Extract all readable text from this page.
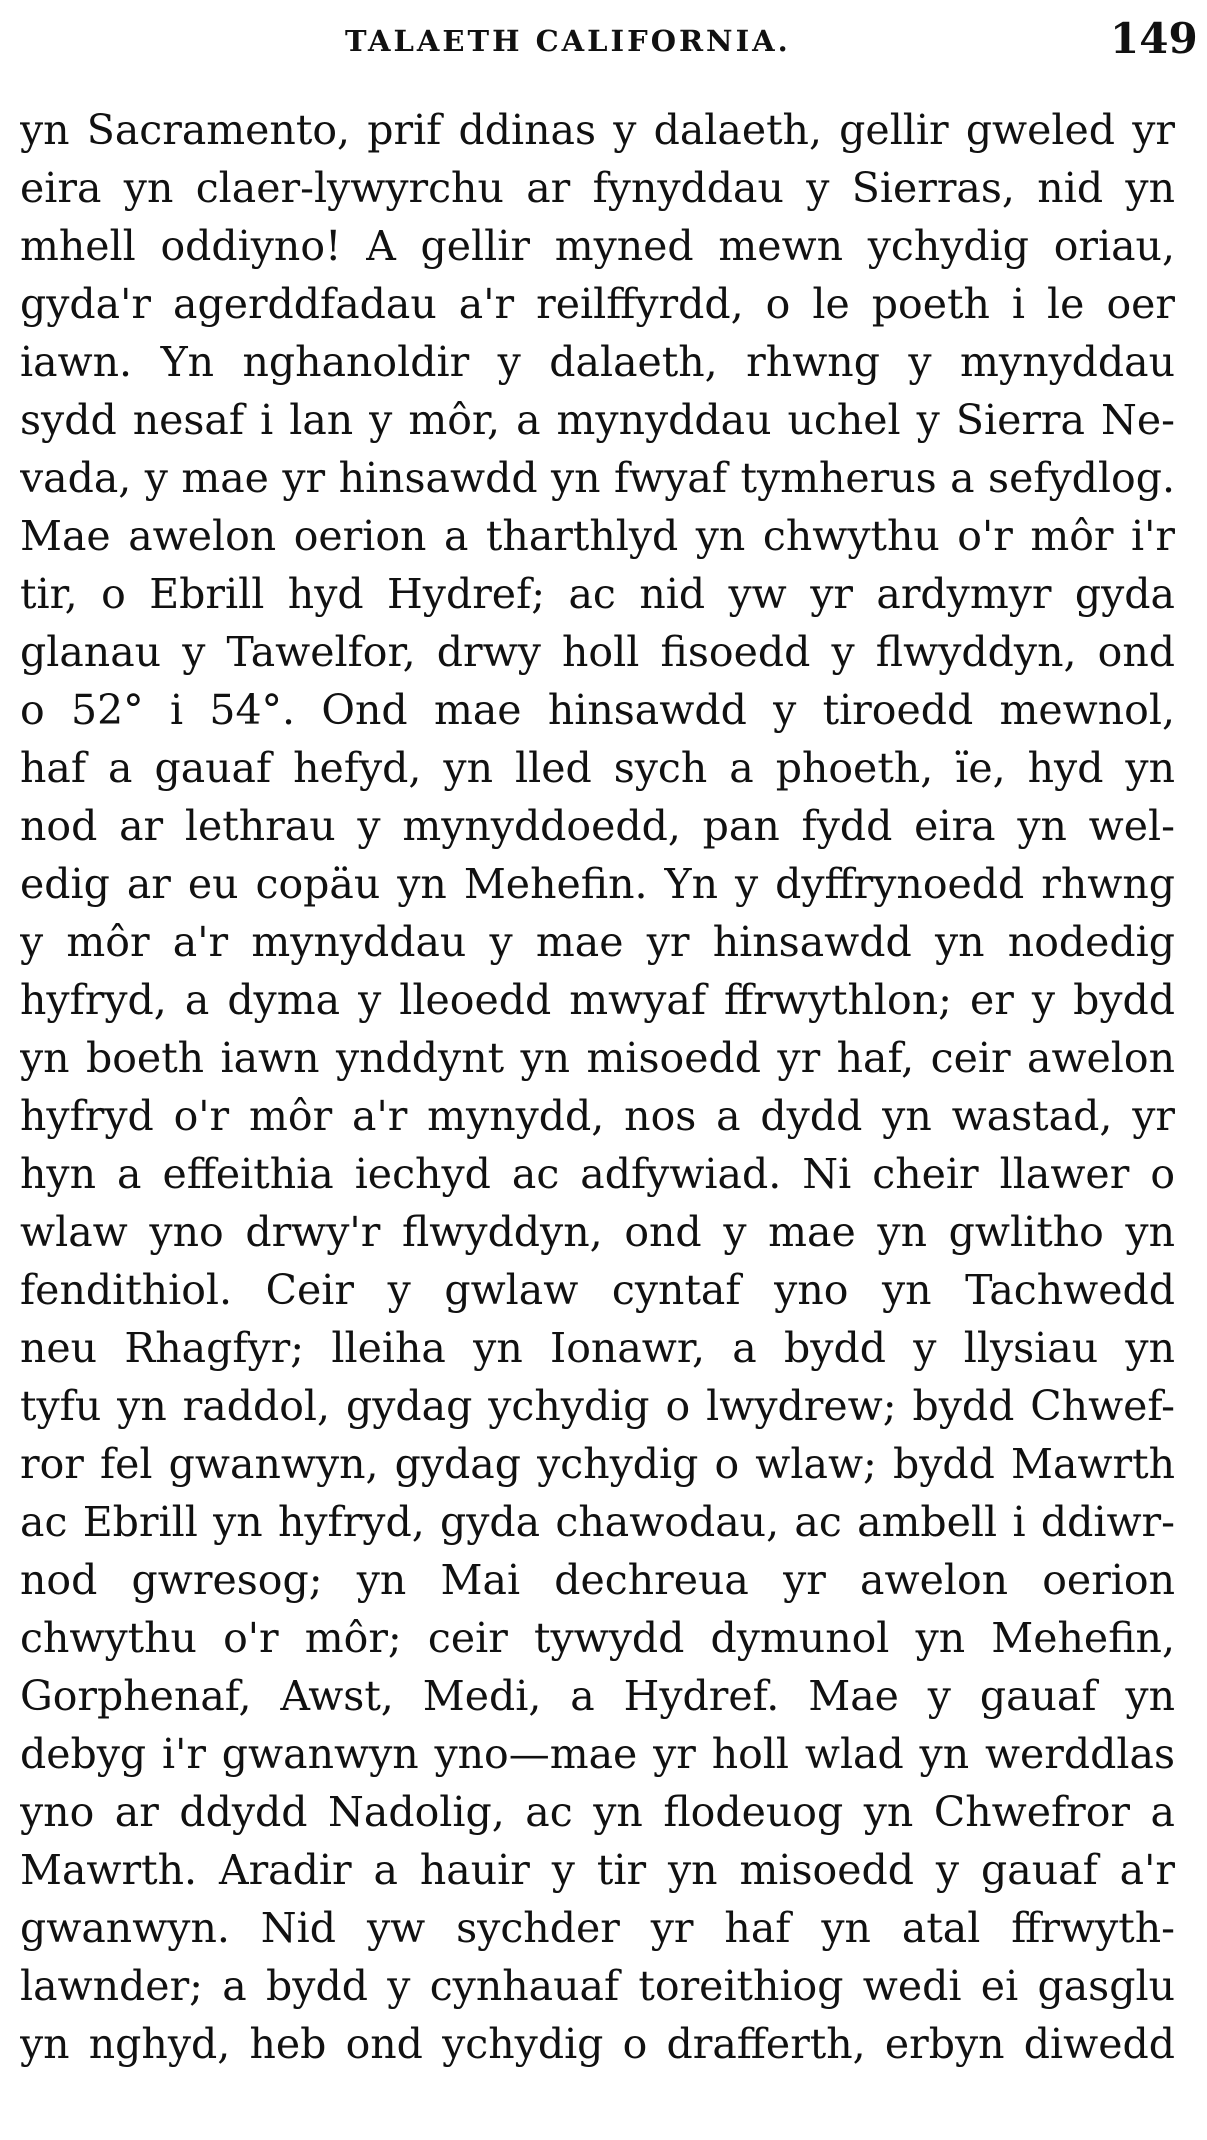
TALAETH CALIFORNIA.	149
yn Sacramento, prif ddinas y dalaeth, gellir gweled yr
eira yn claer-lywyrchu ar fynyddau y Sierras, nid yn
mhell oddiyno! A gellir myned mewn ychydig oriau,
gyda'r agerddfadau a'r reilffyrdd, o le poeth i le oer
iawn. Yn nghanoldir y dalaeth, rhwng y mynyddau
sydd nesaf i lan y môr, a mynyddau uchel y Sierra Ne-
vada, y mae yr hinsawdd yn fwyaf tymherus a sefydlog.
Mae awelon oerion a tharthlyd yn chwythu o'r môr i'r
tir, o Ebrill hyd Hydref; ac nid yw yr ardymyr gyda
glanau y Tawelfor, drwy holl fisoedd y flwyddyn, ond
o 52° i 54°. Ond mae hinsawdd y tiroedd mewnol,
haf a gauaf hefyd, yn lled sych a phoeth, ïe, hyd yn
nod ar lethrau y mynyddoedd, pan fydd eira yn wel-
edig ar eu copäu yn Mehefin. Yn y dyffrynoedd rhwng
y môr a'r mynyddau y mae yr hinsawdd yn nodedig
hyfryd, a dyma y lleoedd mwyaf ffrwythlon; er y bydd
yn boeth iawn ynddynt yn misoedd yr haf, ceir awelon
hyfryd o'r môr a'r mynydd, nos a dydd yn wastad, yr
hyn a effeithia iechyd ac adfywiad. Ni cheir llawer o
wlaw yno drwy'r flwyddyn, ond y mae yn gwlitho yn
fendithiol. Ceir y gwlaw cyntaf yno yn Tachwedd
neu Rhagfyr; lleiha yn Ionawr, a bydd y llysiau yn
tyfu yn raddol, gydag ychydig o lwydrew; bydd Chwef-
ror fel gwanwyn, gydag ychydig o wlaw; bydd Mawrth
ac Ebrill yn hyfryd, gyda chawodau, ac ambell i ddiwr-
nod gwresog; yn Mai dechreua yr awelon oerion
chwythu o'r môr; ceir tywydd dymunol yn Mehefin,
Gorphenaf, Awst, Medi, a Hydref. Mae y gauaf yn
debyg i'r gwanwyn yno—mae yr holl wlad yn werddlas
yno ar ddydd Nadolig, ac yn flodeuog yn Chwefror a
Mawrth. Aradir a hauir y tir yn misoedd y gauaf a'r
gwanwyn. Nid yw sychder yr haf yn atal ffrwyth-
lawnder; a bydd y cynhauaf toreithiog wedi ei gasglu
yn nghyd, heb ond ychydig o drafferth, erbyn diwedd
